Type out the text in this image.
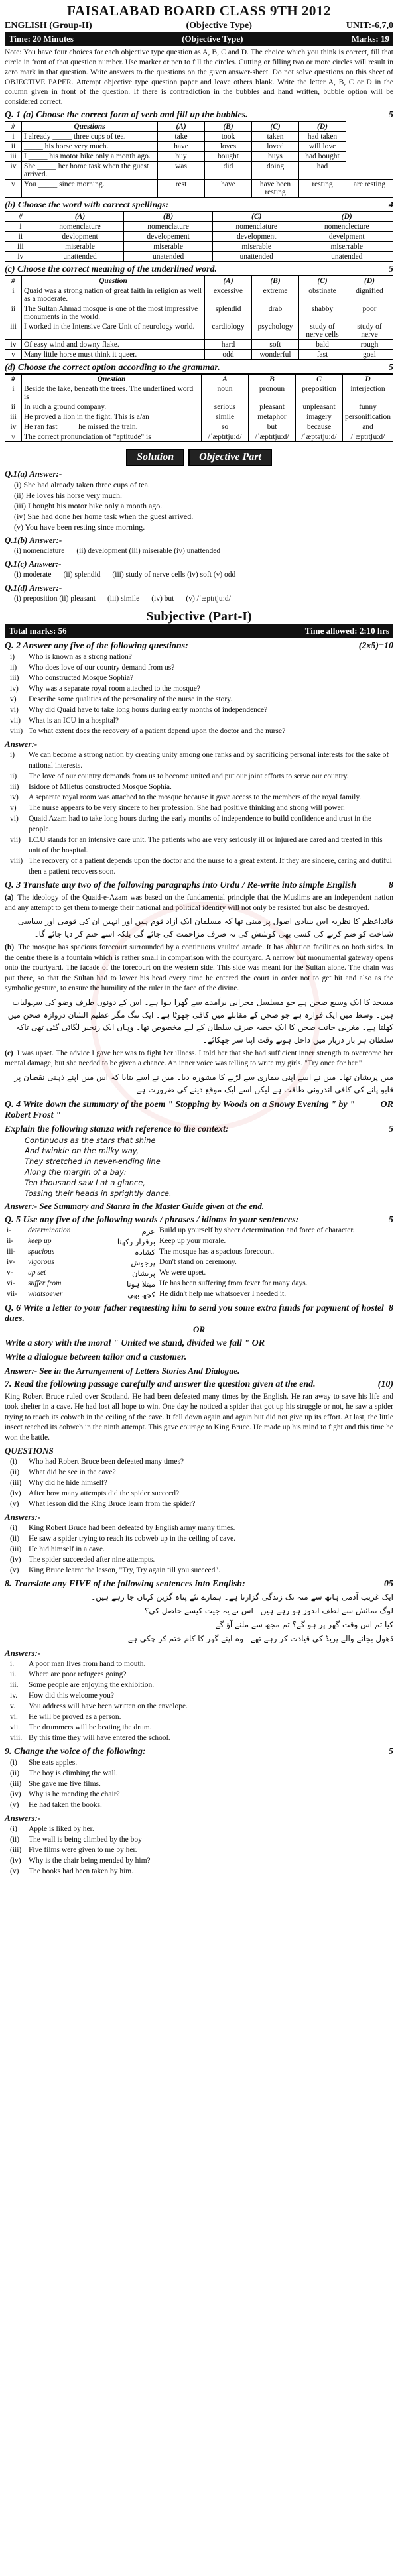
FAISALABAD BOARD CLASS 9TH 2012
ENGLISH (Group-II)	(Objective Type)	UNIT:-6,7,0
Time: 20 Minutes	(Objective Type)	Marks: 19
Note: You have four choices for each objective type question as A, B, C and D. The choice which you think is correct, fill that circle in front of that question number. Use marker or pen to fill the circles. Cutting or filling two or more circles will result in zero mark in that question. Write answers to the questions on the given answer-sheet. Do not solve questions on this sheet of OBJECTIVE PAPER. Attempt objective type question paper and leave others blank. Write the letter A, B, C or D in the column given in front of the question. If there is contradiction in the bubbles and hand written, bubble option will be considered correct.
Q. 1 (a) Choose the correct form of verb and fill up the bubbles.	5
#	Questions	(A)	(B)	(C)	(D)	
i	I already _____ three cups of tea.	take	took	taken	had taken	
ii	_____ his horse very much.	have	loves	loved	will love	
iii	I _____ his motor bike only a month ago.	buy	bought	buys	had bought	
iv	She _____ her home task when the guest arrived.	was	did	doing	had	
v	You _____ since morning.	rest	have	have been resting	resting	are resting
(b) Choose the word with correct spellings:	4
#	(A)	(B)	(C)	(D)
i	nomenclature	nomenclature	nomenclature	nomenclecture
ii	devlopment	developement	development	develpment
iii	miserable	miserable	miserable	miserrable
iv	unattended	unatended	unattended	unatended
(c) Choose the correct meaning of the underlined word.	5
#	Question	(A)	(B)	(C)	(D)
i	Quaid was a strong nation of great faith in religion as well as a moderate.	excessive	extreme	obstinate	dignified
ii	The Sultan Ahmad mosque is one of the most impressive monuments in the world.	splendid	drab	shabby	poor
iii	I worked in the Intensive Care Unit of neurology world.	cardiology	psychology	study of nerve cells	study of nerve
iv	Of easy wind and downy flake.	hard	soft	bald	rough
v	Many little horse must think it queer.	odd	wonderful	fast	goal
(d) Choose the correct option according to the grammar.	5
#	Question	A	B	C	D
i	Beside the lake, beneath the trees. The underlined word is	noun	pronoun	preposition	interjection
ii	In such a ground company.	serious	pleasant	unpleasant	funny
iii	He proved a lion in the fight. This is a/an	simile	metaphor	imagery	personification
iv	He ran fast_____ he missed the train.	so	but	because	and
v	The correct pronunciation of "aptitude" is	/ˈæptɪtjuːd/	/ˈæptɪtjuːd/	/ˈæptətjuːd/	/ˈæptɪtʃuːd/
Solution	Objective Part
Q.1(a) Answer:-
(i) She had already taken three cups of tea.
(ii) He loves his horse very much.
(iii) I bought his motor bike only a month ago.
(iv) She had done her home task when the guest arrived.
(v) You have been resting since morning.
Q.1(b) Answer:-
(i) nomenclature (ii) development (iii) miserable (iv) unattended
Q.1(c) Answer:-
(i) moderate (ii) splendid (iii) study of nerve cells (iv) soft (v) odd
Q.1(d) Answer:-
(i) preposition (ii) pleasant (iii) simile (iv) but (v) /ˈæptɪtjuːd/
Subjective (Part-I)
Total marks: 56	Time allowed: 2:10 hrs
Q. 2 Answer any five of the following questions:	(2x5)=10
i)	Who is known as a strong nation?
ii)	Who does love of our country demand from us?
iii)	Who constructed Mosque Sophia?
iv)	Why was a separate royal room attached to the mosque?
v)	Describe some qualities of the personality of the nurse in the story.
vi)	Why did Quaid have to take long hours during early months of independence?
vii)	What is an ICU in a hospital?
viii) To what extent does the recovery of a patient depend upon the doctor and the nurse?
Answer:-
i)	We can become a strong nation by creating unity among one ranks and by sacrificing personal interests for the sake of national interests.
ii)	The love of our country demands from us to become united and put our joint efforts to serve our country.
iii)	Isidore of Miletus constructed Mosque Sophia.
iv)	A separate royal room was attached to the mosque because it gave access to the members of the royal family.
v)	The nurse appears to be very sincere to her profession. She had positive thinking and strong will power.
vi)	Quaid Azam had to take long hours during the early months of independence to build confidence and trust in the people.
vii)	I.C.U stands for an intensive care unit. The patients who are very seriously ill or injured are cared and treated in this unit of the hospital.
viii) The recovery of a patient depends upon the doctor and the nurse to a great extent. If they are sincere, caring and dutiful then a patient recovers soon.
Q. 3 Translate any two of the following paragraphs into Urdu / Re-write into simple English	8
(a) The ideology of the Quaid-e-Azam was based on the fundamental principle that the Muslims are an independent nation and any attempt to get them to merge their national and political identity will not only be resisted but also be destroyed.
قائداعظم کا نظریہ اس بنیادی اصول پر مبنی تھا کہ مسلمان ایک آزاد قوم ہیں اور انہیں ان کی قومی اور سیاسی شناخت کو ضم کرنے کی کسی بھی کوشش کی نہ صرف مزاحمت کی جائے گی بلکہ اسے ختم کر دیا جائے گا۔
(b) The mosque has spacious forecourt surrounded by a continuous vaulted arcade. It has ablution facilities on both sides. In the centre there is a fountain which is rather small in comparison with the courtyard. A narrow but monumental gateway opens onto the courtyard. The facade of the forecourt on the western side. This side was meant for the Sultan alone. The chain was put there, so that the Sultan had to lower his head every time he entered the court in order not to get hit and also as the symbolic gesture, to ensure the humility of the ruler in the face of the divine.
مسجد کا ایک وسیع صحن ہے جو مسلسل محرابی برآمدے سے گھرا ہوا ہے۔ اس کے دونوں طرف وضو کی سہولیات ہیں۔ وسط میں ایک فوارہ ہے جو صحن کے مقابلے میں کافی چھوٹا ہے۔ ایک تنگ مگر عظیم الشان دروازہ صحن میں کھلتا ہے۔ مغربی جانب صحن کا ایک حصہ صرف سلطان کے لیے مخصوص تھا۔ وہاں ایک زنجیر لگائی گئی تھی تاکہ سلطان ہر بار دربار میں داخل ہوتے وقت اپنا سر جھکائے۔
(c) I was upset. The advice I gave her was to fight her illness. I told her that she had sufficient inner strength to overcome her mental damage, but she needed to be given a chance. An inner voice was telling to write my girls. "Try once for her."
میں پریشان تھا۔ میں نے اسے اپنی بیماری سے لڑنے کا مشورہ دیا۔ میں نے اسے بتایا کہ اس میں اپنے ذہنی نقصان پر قابو پانے کی کافی اندرونی طاقت ہے لیکن اسے ایک موقع دینے کی ضرورت ہے۔
Q. 4 Write down the summary of the poem " Stopping by Woods on a Snowy Evening " by " Robert Frost "
OR
Explain the following stanza with reference to the context:	5
Continuous as the stars that shine
And twinkle on the milky way,
They stretched in never-ending line
Along the margin of a bay:
Ten thousand saw I at a glance,
Tossing their heads in sprightly dance.
Answer:- See Summary and Stanza in the Master Guide given at the end.
Q. 5 Use any five of the following words / phrases / idioms in your sentences:	5
i-	determination	عزم	Build up yourself by sheer determination and force of character.
ii-	keep up	برقرار رکھنا	Keep up your morale.
iii-	spacious	کشادہ	The mosque has a spacious forecourt.
iv-	vigorous	پرجوش	Don't stand on ceremony.
v-	up set	پریشان	We were upset.
vi-	suffer from	مبتلا ہونا	He has been suffering from fever for many days.
vii-	whatsoever	کچھ بھی	He didn't help me whatsoever I needed it.
Q. 6 Write a letter to your father requesting him to send you some extra funds for payment of hostel dues.
8
OR
Write a story with the moral " United we stand, divided we fall " OR
Write a dialogue between tailor and a customer.
Answer:- See in the Arrangement of Letters Stories And Dialogue.
7. Read the following passage carefully and answer the question given at the end.	(10)
King Robert Bruce ruled over Scotland. He had been defeated many times by the English. He ran away to save his life and took shelter in a cave. He had lost all hope to win. One day he noticed a spider that got up his struggle or not, he saw a spider trying to reach its cobweb in the ceiling of the cave. It fell down again and again but did not give up its effort. At last, the little insect reached its cobweb in the ninth attempt. This gave courage to King Bruce. He made up his mind to fight and this time he won the battle.
QUESTIONS
(i)	Who had Robert Bruce been defeated many times?
(ii)	What did he see in the cave?
(iii) Why did he hide himself?
(iv) After how many attempts did the spider succeed?
(v)	What lesson did the King Bruce learn from the spider?
Answers:-
(i)	King Robert Bruce had been defeated by English army many times.
(ii)	He saw a spider trying to reach its cobweb up in the ceiling of cave.
(iii) He hid himself in a cave.
(iv) The spider succeeded after nine attempts.
(v)	King Bruce learnt the lesson, "Try, Try again till you succeed".
8. Translate any FIVE of the following sentences into English:	05
ایک غریب آدمی ہاتھ سے منہ تک زندگی گزارتا ہے۔ ہمارے نئے پناہ گزین کہاں جا رہے ہیں۔
لوگ نمائش سے لطف اندوز ہو رہے ہیں۔ اس نے یہ جیت کیسے حاصل کی؟
کیا تم اس وقت گھر پر ہو گے؟ تم مجھ سے ملنے آؤ گے۔
ڈھول بجانے والے پریڈ کی قیادت کر رہے تھے۔ وہ اپنے گھر کا کام ختم کر چکی ہے۔
Answers:-
i.	A poor man lives from hand to mouth.
ii.	Where are poor refugees going?
iii.	Some people are enjoying the exhibition.
iv.	How did this welcome you?
v.	You address will have been written on the envelope.
vi.	He will be proved as a person.
vii.	The drummers will be beating the drum.
viii. By this time they will have entered the school.
9. Change the voice of the following:	5
(i)	She eats apples.
(ii)	The boy is climbing the wall.
(iii) She gave me five films.
(iv) Why is he mending the chair?
(v)	He had taken the books.
Answers:-
(i)	Apple is liked by her.
(ii)	The wall is being climbed by the boy
(iii) Five films were given to me by her.
(iv) Why is the chair being mended by him?
(v)	The books had been taken by him.
